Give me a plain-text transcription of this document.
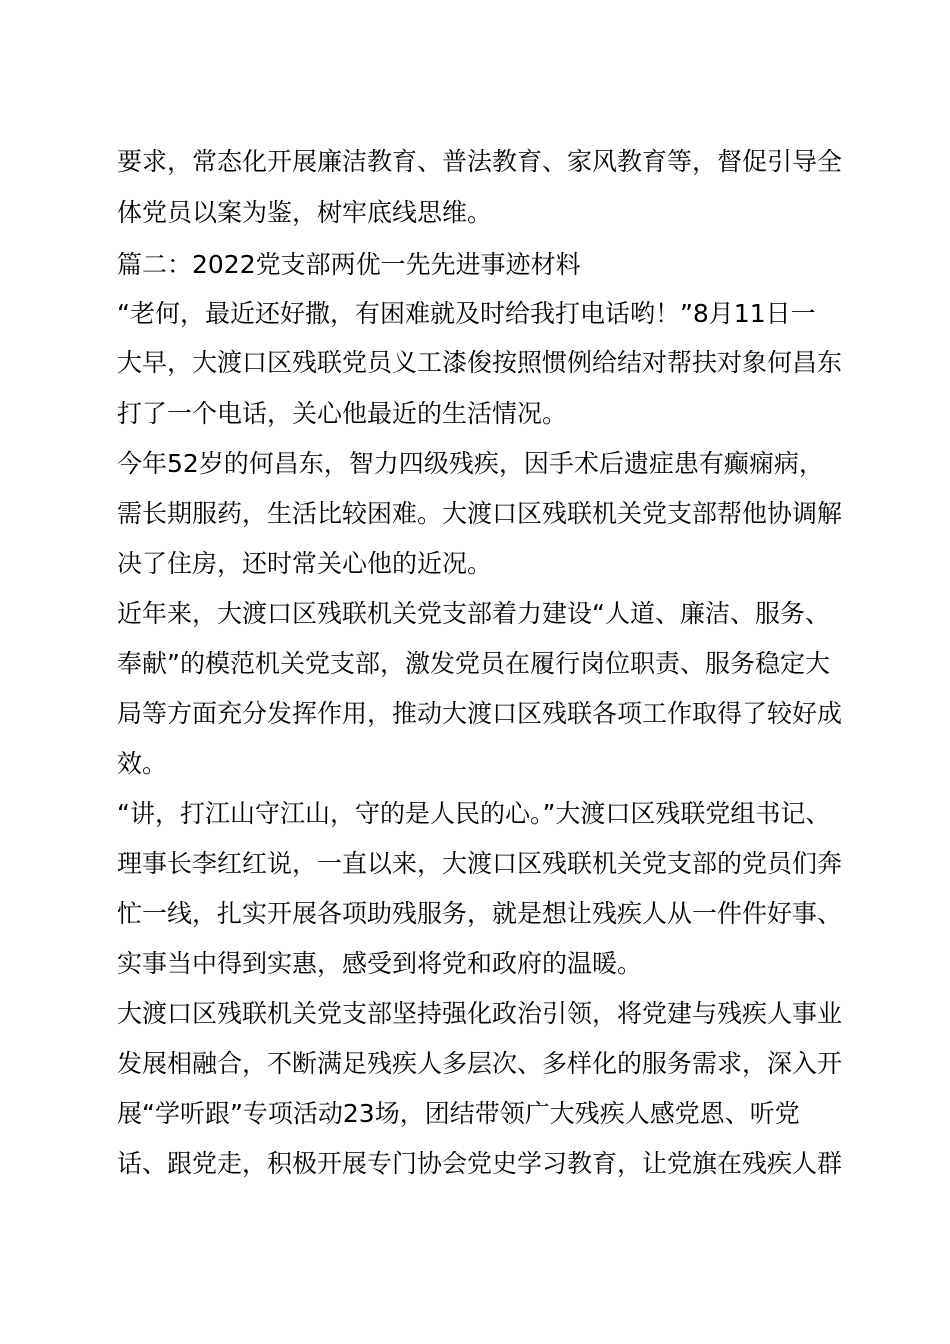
要求，常态化开展廉洁教育、普法教育、家风教育等，督促引导全
体党员以案为鉴，树牢底线思维。
篇二：2022党支部两优一先先进事迹材料
“老何，最近还好撒，有困难就及时给我打电话哟！”8月11日一
大早，大渡口区残联党员义工漆俊按照惯例给结对帮扶对象何昌东
打了一个电话，关心他最近的生活情况。
今年52岁的何昌东，智力四级残疾，因手术后遗症患有癫痫病，
需长期服药，生活比较困难。大渡口区残联机关党支部帮他协调解
决了住房，还时常关心他的近况。
近年来，大渡口区残联机关党支部着力建设“人道、廉洁、服务、
奉献”的模范机关党支部，激发党员在履行岗位职责、服务稳定大
局等方面充分发挥作用，推动大渡口区残联各项工作取得了较好成
效。
“讲，打江山守江山，守的是人民的心。”大渡口区残联党组书记、
理事长李红红说，一直以来，大渡口区残联机关党支部的党员们奔
忙一线，扎实开展各项助残服务，就是想让残疾人从一件件好事、
实事当中得到实惠，感受到将党和政府的温暖。
大渡口区残联机关党支部坚持强化政治引领，将党建与残疾人事业
发展相融合，不断满足残疾人多层次、多样化的服务需求，深入开
展“学听跟”专项活动23场，团结带领广大残疾人感党恩、听党
话、跟党走，积极开展专门协会党史学习教育，让党旗在残疾人群
